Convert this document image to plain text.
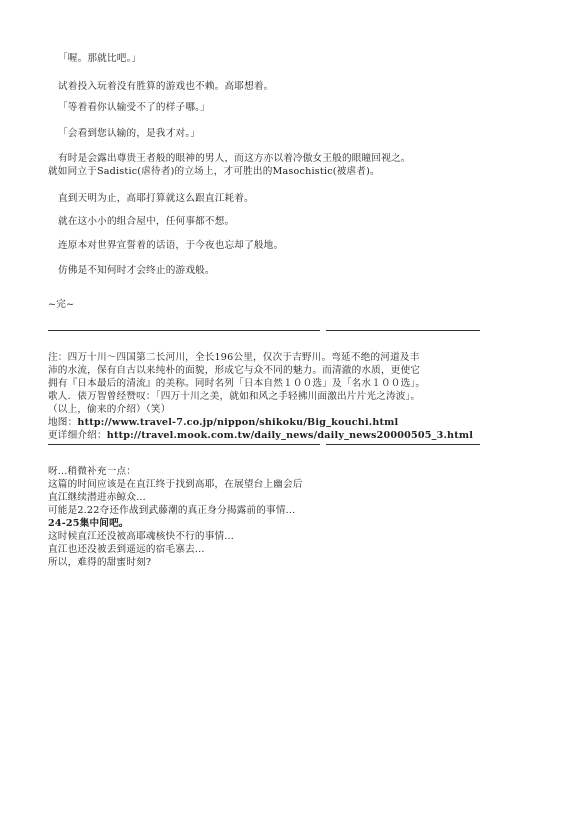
「喔。那就比吧。」
试着投入玩着没有胜算的游戏也不赖。高耶想着。
「等着看你认输受不了的样子哪。」
「会看到您认输的，是我才对。」
有时是会露出尊贵王者般的眼神的男人，而这方亦以着冷傲女王般的眼瞳回视之。
就如同立于Sadistic(虐待者)的立场上，才可胜出的Masochistic(被虐者)。
直到天明为止，高耶打算就这么跟直江耗着。
就在这小小的组合屋中，任何事都不想。
连原本对世界宣誓着的话语，于今夜也忘却了般地。
仿佛是不知何时才会终止的游戏般。
~完~
注：四万十川～四国第二长河川，全长196公里，仅次于吉野川。弯延不绝的河道及丰
沛的水流，保有自古以来纯朴的面貌，形成它与众不同的魅力。而清澈的水质，更使它
拥有『日本最后的清流』的美称。同时名列「日本自然１００选」及「名水１００选」。
歌人．俵万智曾经赞叹：「四万十川之美，就如和风之手轻拂川面激出片片光之涛波」。
（以上，偷来的介绍）（笑）
地图：http://www.travel-7.co.jp/nippon/shikoku/Big_kouchi.html
更详细介绍：http://travel.mook.com.tw/daily_news/daily_news20000505_3.html
呀...稍微补充一点：
这篇的时间应该是在直江终于找到高耶，在展望台上幽会后
直江继续潜进赤鲸众...
可能是2.22夺还作战到武藤潮的真正身分揭露前的事情...
24-25集中间吧。
这时候直江还没被高耶魂核快不行的事情...
直江也还没被丢到遥远的宿毛寨去...
所以，难得的甜蜜时刻?
